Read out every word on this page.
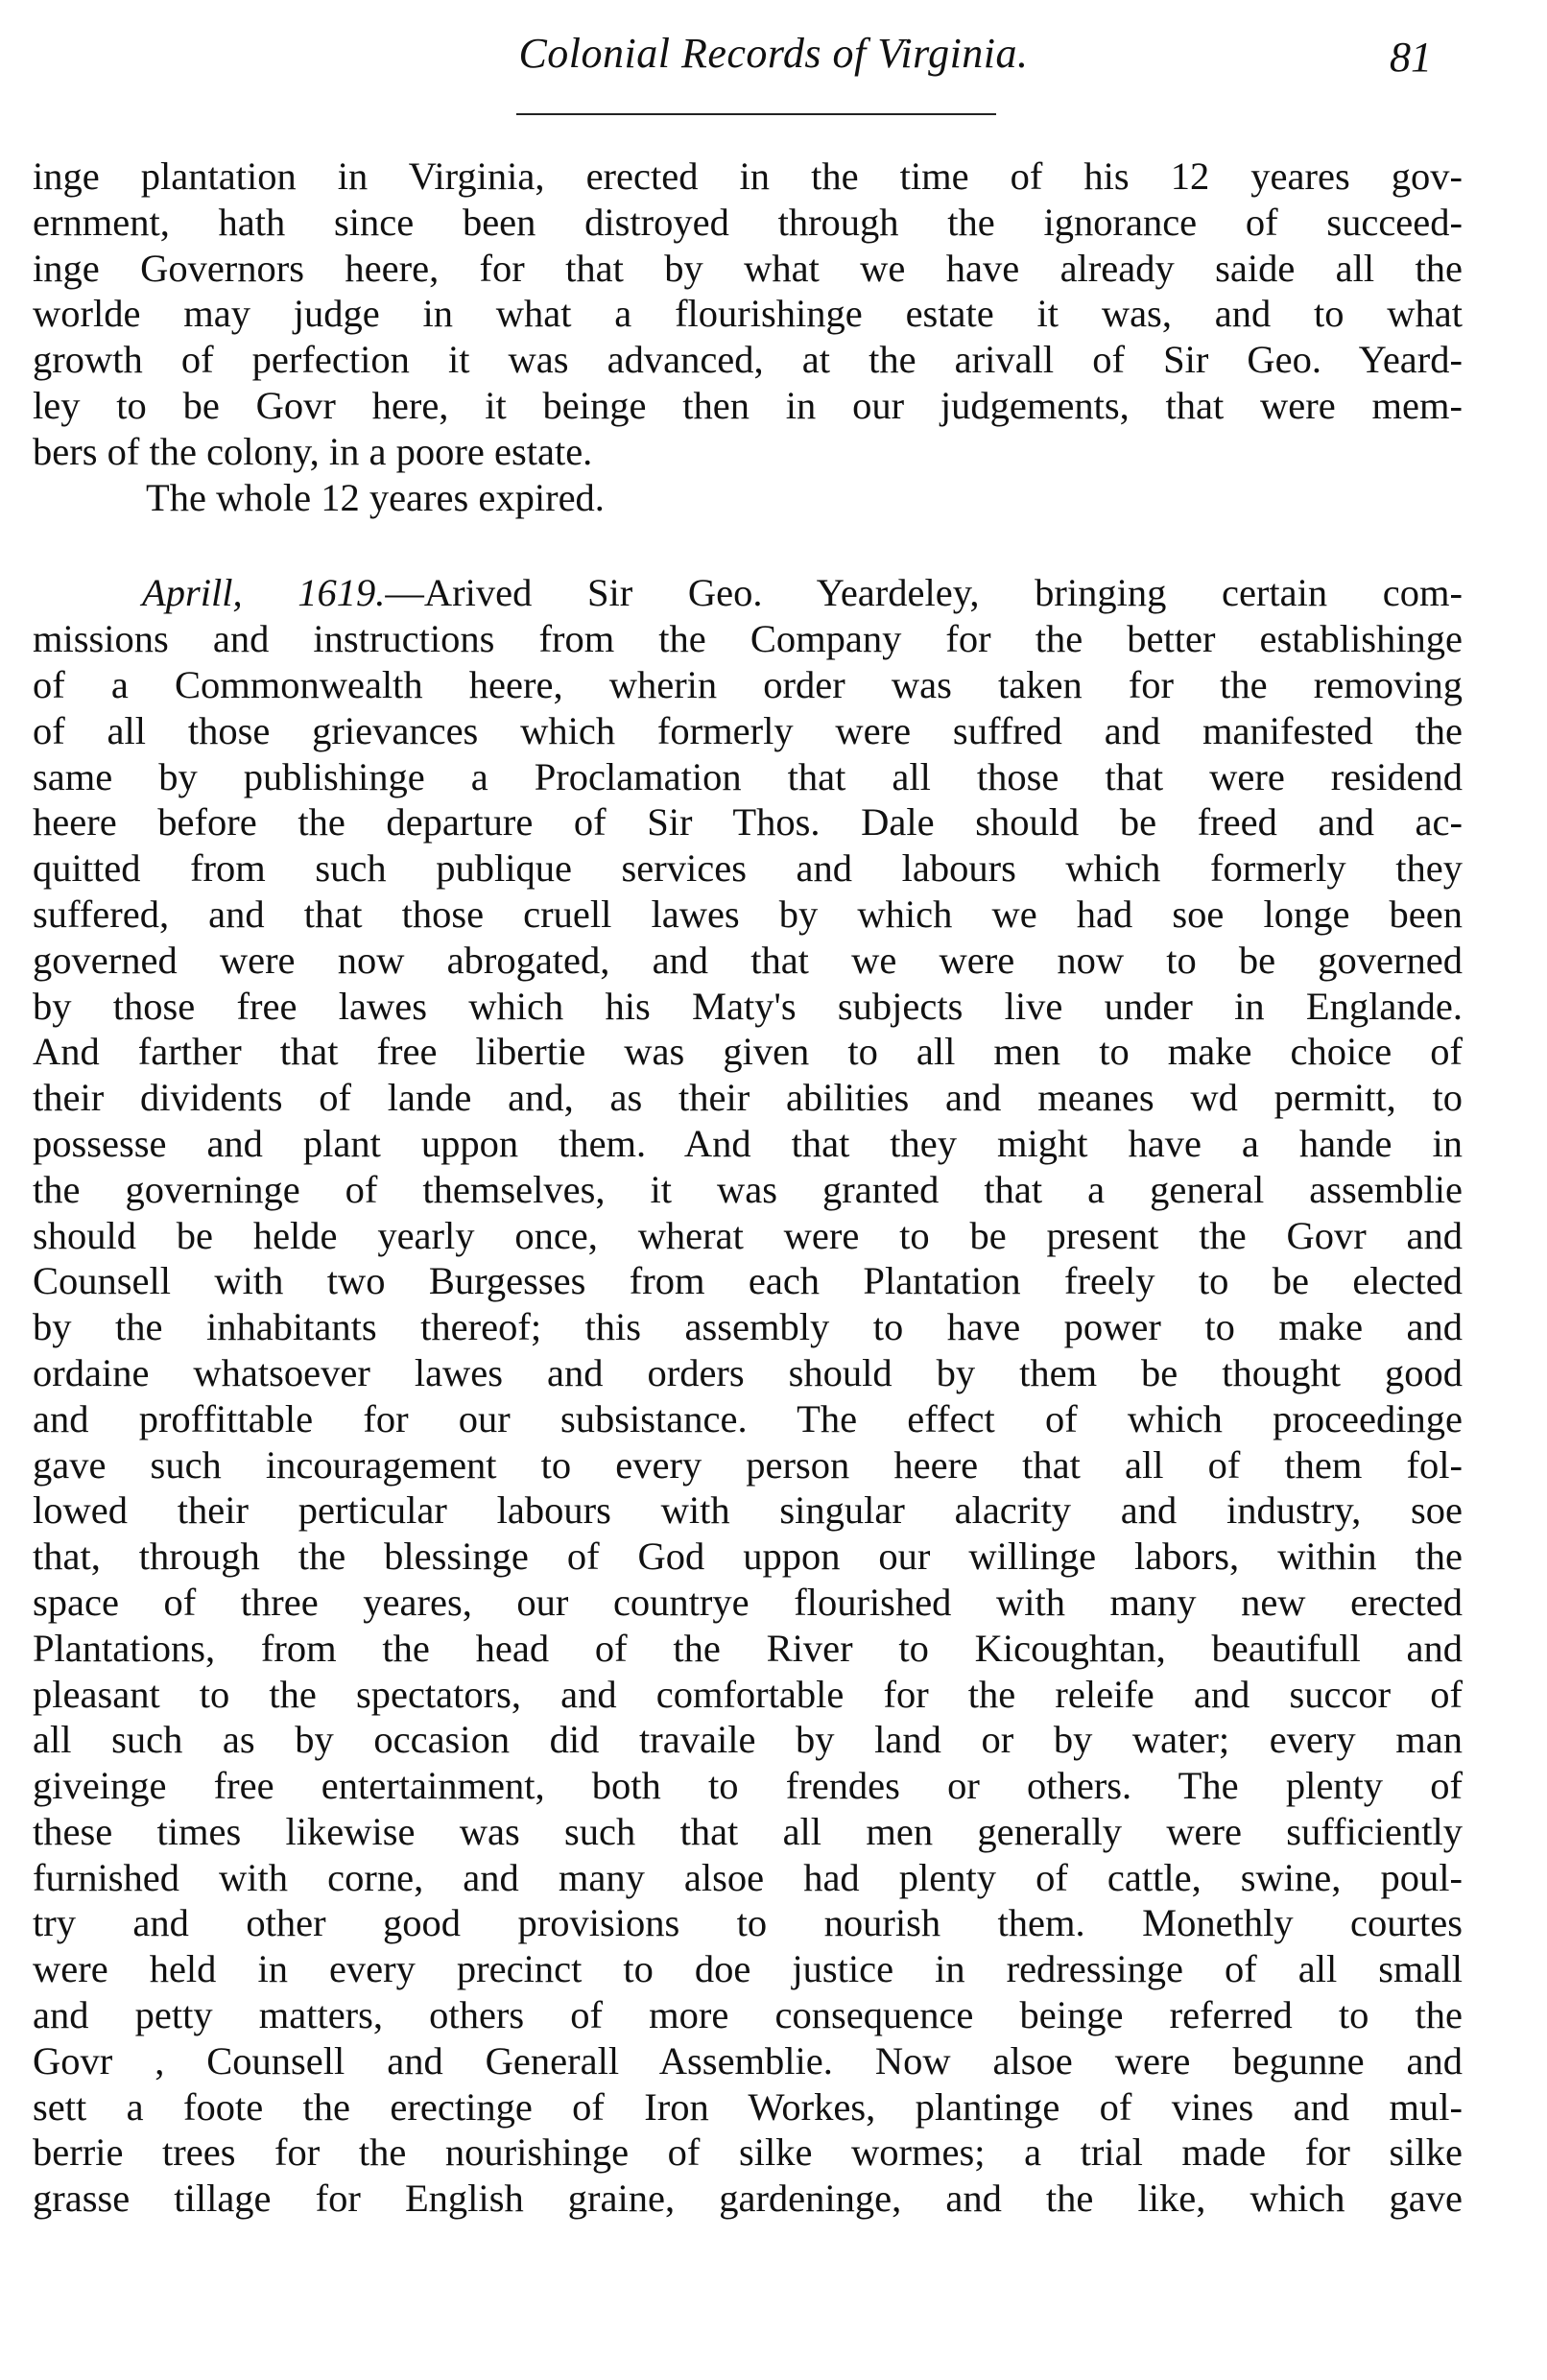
Colonial Records of Virginia.	81
inge plantation in Virginia, erected in the time of his 12 yeares gov-
ernment, hath since been distroyed through the ignorance of succeed-
inge Governors heere, for that by what we have already saide all the
worlde may judge in what a flourishinge estate it was, and to what
growth of perfection it was advanced, at the arivall of Sir Geo. Yeard-
ley to be Govr here, it beinge then in our judgements, that were mem-
bers of the colony, in a poore estate.
The whole 12 yeares expired.
Aprill, 1619.—Arived Sir Geo. Yeardeley, bringing certain com-
missions and instructions from the Company for the better establishinge
of a Commonwealth heere, wherin order was taken for the removing
of all those grievances which formerly were suffred and manifested the
same by publishinge a Proclamation that all those that were residend
heere before the departure of Sir Thos. Dale should be freed and ac-
quitted from such publique services and labours which formerly they
suffered, and that those cruell lawes by which we had soe longe been
governed were now abrogated, and that we were now to be governed
by those free lawes which his Maty's subjects live under in Englande.
And farther that free libertie was given to all men to make choice of
their dividents of lande and, as their abilities and meanes wd permitt, to
possesse and plant uppon them. And that they might have a hande in
the governinge of themselves, it was granted that a general assemblie
should be helde yearly once, wherat were to be present the Govr and
Counsell with two Burgesses from each Plantation freely to be elected
by the inhabitants thereof; this assembly to have power to make and
ordaine whatsoever lawes and orders should by them be thought good
and proffittable for our subsistance. The effect of which proceedinge
gave such incouragement to every person heere that all of them fol-
lowed their perticular labours with singular alacrity and industry, soe
that, through the blessinge of God uppon our willinge labors, within the
space of three yeares, our countrye flourished with many new erected
Plantations, from the head of the River to Kicoughtan, beautifull and
pleasant to the spectators, and comfortable for the releife and succor of
all such as by occasion did travaile by land or by water; every man
giveinge free entertainment, both to frendes or others. The plenty of
these times likewise was such that all men generally were sufficiently
furnished with corne, and many alsoe had plenty of cattle, swine, poul-
try and other good provisions to nourish them. Monethly courtes
were held in every precinct to doe justice in redressinge of all small
and petty matters, others of more consequence beinge referred to the
Govr , Counsell and Generall Assemblie. Now alsoe were begunne and
sett a foote the erectinge of Iron Workes, plantinge of vines and mul-
berrie trees for the nourishinge of silke wormes; a trial made for silke
grasse tillage for English graine, gardeninge, and the like, which gave
